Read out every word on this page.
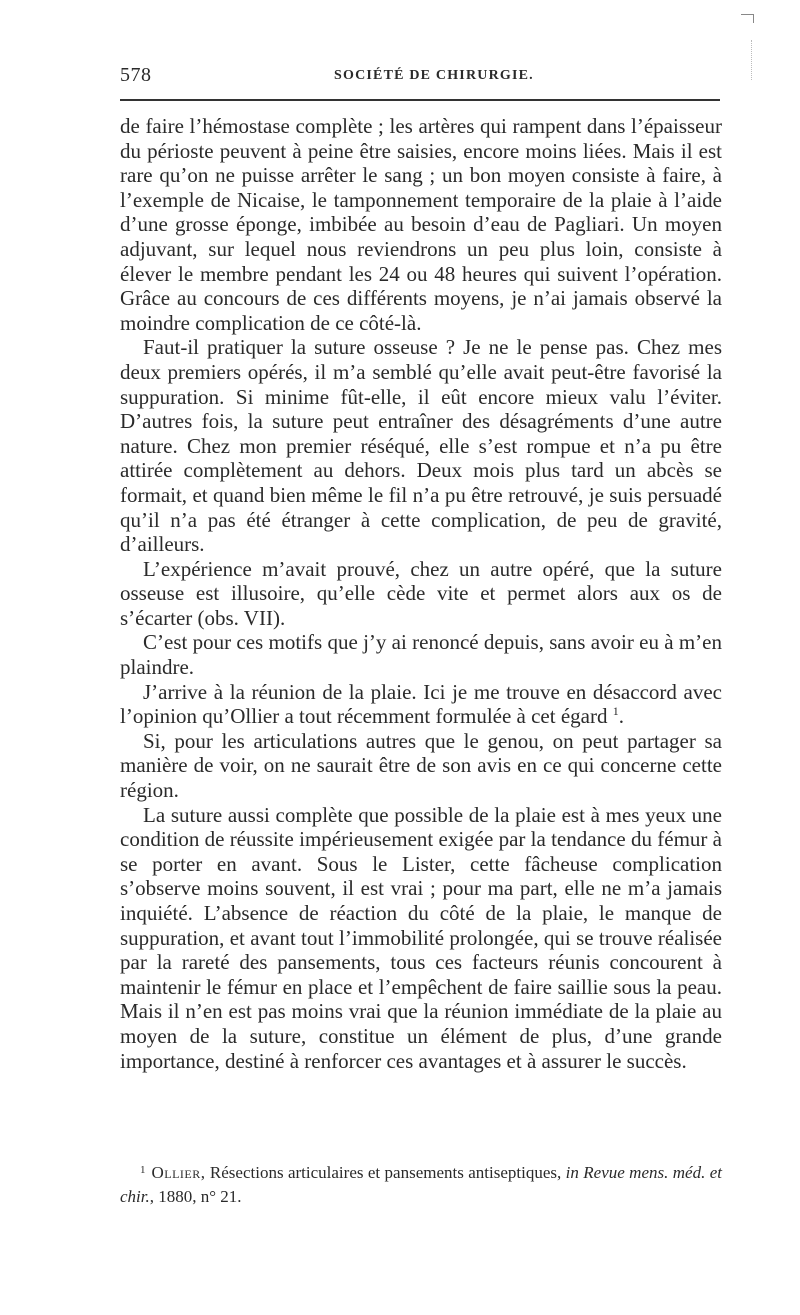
578	SOCIÉTÉ DE CHIRURGIE.

de faire l’hémostase complète ; les artères qui rampent dans l’épaisseur du périoste peuvent à peine être saisies, encore moins liées. Mais il est rare qu’on ne puisse arrêter le sang ; un bon moyen consiste à faire, à l’exemple de Nicaise, le tamponnement temporaire de la plaie à l’aide d’une grosse éponge, imbibée au besoin d’eau de Pagliari. Un moyen adjuvant, sur lequel nous reviendrons un peu plus loin, consiste à élever le membre pendant les 24 ou 48 heures qui suivent l’opération. Grâce au concours de ces différents moyens, je n’ai jamais observé la moindre complication de ce côté-là.

Faut-il pratiquer la suture osseuse ? Je ne le pense pas. Chez mes deux premiers opérés, il m’a semblé qu’elle avait peut-être favorisé la suppuration. Si minime fût-elle, il eût encore mieux valu l’éviter. D’autres fois, la suture peut entraîner des désagréments d’une autre nature. Chez mon premier réséqué, elle s’est rompue et n’a pu être attirée complètement au dehors. Deux mois plus tard un abcès se formait, et quand bien même le fil n’a pu être retrouvé, je suis persuadé qu’il n’a pas été étranger à cette complication, de peu de gravité, d’ailleurs.

L’expérience m’avait prouvé, chez un autre opéré, que la suture osseuse est illusoire, qu’elle cède vite et permet alors aux os de s’écarter (obs. VII).

C’est pour ces motifs que j’y ai renoncé depuis, sans avoir eu à m’en plaindre.

J’arrive à la réunion de la plaie. Ici je me trouve en désaccord avec l’opinion qu’Ollier a tout récemment formulée à cet égard $^1$.

Si, pour les articulations autres que le genou, on peut partager sa manière de voir, on ne saurait être de son avis en ce qui concerne cette région.

La suture aussi complète que possible de la plaie est à mes yeux une condition de réussite impérieusement exigée par la tendance du fémur à se porter en avant. Sous le Lister, cette fâcheuse complication s’observe moins souvent, il est vrai ; pour ma part, elle ne m’a jamais inquiété. L’absence de réaction du côté de la plaie, le manque de suppuration, et avant tout l’immobilité prolongée, qui se trouve réalisée par la rareté des pansements, tous ces facteurs réunis concourent à maintenir le fémur en place et l’empêchent de faire saillie sous la peau. Mais il n’en est pas moins vrai que la réunion immédiate de la plaie au moyen de la suture, constitue un élément de plus, d’une grande importance, destiné à renforcer ces avantages et à assurer le succès.

$^1$ Ollier, Résections articulaires et pansements antiseptiques, in Revue mens. méd. et chir., 1880, n° 21.
